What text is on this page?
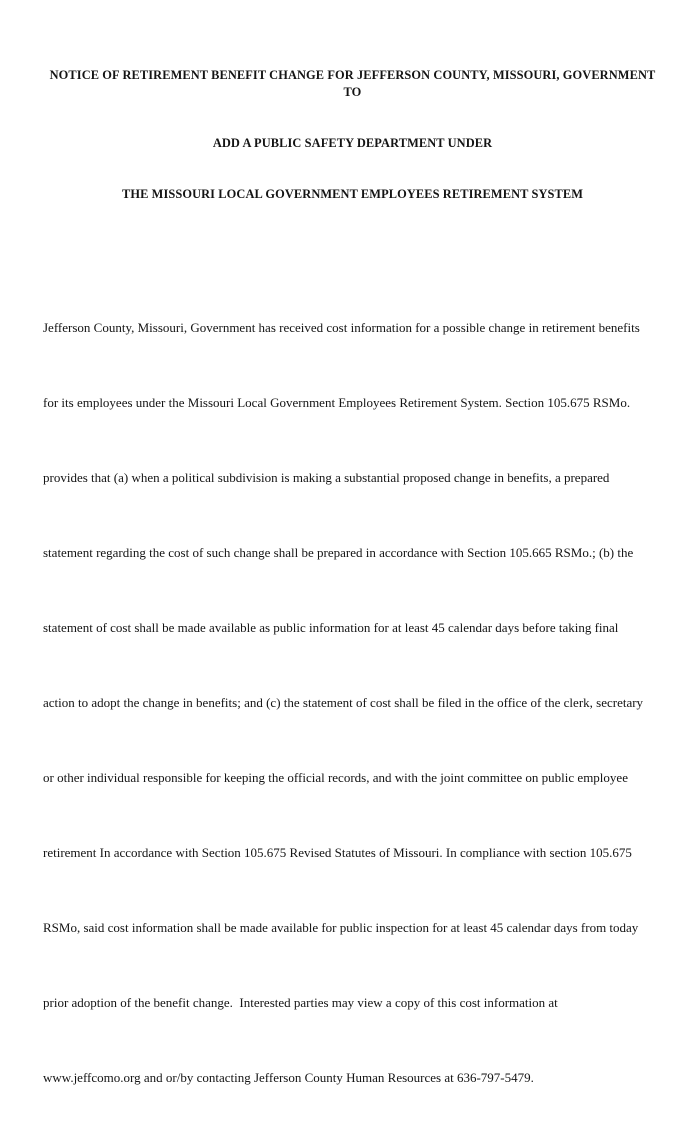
NOTICE OF RETIREMENT BENEFIT CHANGE FOR JEFFERSON COUNTY, MISSOURI, GOVERNMENT TO

ADD A PUBLIC SAFETY DEPARTMENT UNDER

THE MISSOURI LOCAL GOVERNMENT EMPLOYEES RETIREMENT SYSTEM

Jefferson County, Missouri, Government has received cost information for a possible change in retirement benefits

for its employees under the Missouri Local Government Employees Retirement System. Section 105.675 RSMo.

provides that (a) when a political subdivision is making a substantial proposed change in benefits, a prepared

statement regarding the cost of such change shall be prepared in accordance with Section 105.665 RSMo.; (b) the

statement of cost shall be made available as public information for at least 45 calendar days before taking final

action to adopt the change in benefits; and (c) the statement of cost shall be filed in the office of the clerk, secretary

or other individual responsible for keeping the official records, and with the joint committee on public employee

retirement In accordance with Section 105.675 Revised Statutes of Missouri. In compliance with section 105.675

RSMo, said cost information shall be made available for public inspection for at least 45 calendar days from today

prior adoption of the benefit change.  Interested parties may view a copy of this cost information at

www.jeffcomo.org and or/by contacting Jefferson County Human Resources at 636-797-5479.
